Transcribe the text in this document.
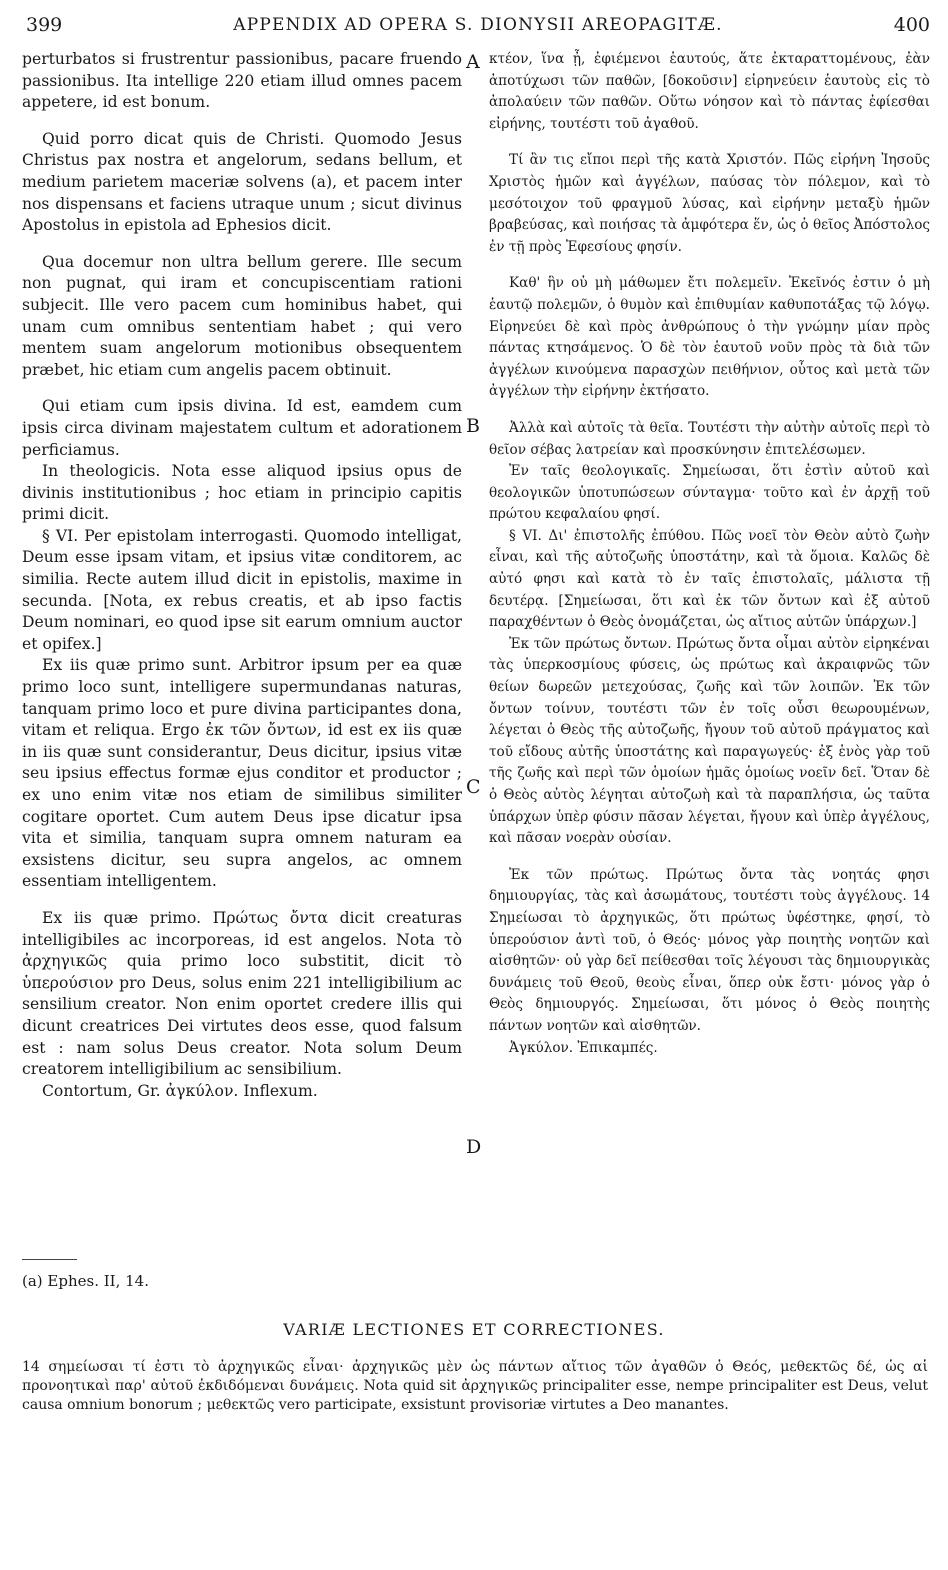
399	APPENDIX AD OPERA S. DIONYSII AREOPAGITÆ.	400

perturbatos si frustrentur passionibus, pacare fruendo passionibus. Ita intellige 220 etiam illud omnes pacem appetere, id est bonum.

Quid porro dicat quis de Christi. Quomodo Jesus Christus pax nostra et angelorum, sedans bellum, et medium parietem maceriæ solvens (a), et pacem inter nos dispensans et faciens utraque unum ; sicut divinus Apostolus in epistola ad Ephesios dicit.

Qua docemur non ultra bellum gerere. Ille secum non pugnat, qui iram et concupiscentiam rationi subjecit. Ille vero pacem cum hominibus habet, qui unam cum omnibus sententiam habet ; qui vero mentem suam angelorum motionibus obsequentem præbet, hic etiam cum angelis pacem obtinuit.

Qui etiam cum ipsis divina. Id est, eamdem cum ipsis circa divinam majestatem cultum et adorationem perficiamus.

In theologicis. Nota esse aliquod ipsius opus de divinis institutionibus ; hoc etiam in principio capitis primi dicit.

§ VI. Per epistolam interrogasti. Quomodo intelligat, Deum esse ipsam vitam, et ipsius vitæ conditorem, ac similia. Recte autem illud dicit in epistolis, maxime in secunda. [Nota, ex rebus creatis, et ab ipso factis Deum nominari, eo quod ipse sit earum omnium auctor et opifex.]

Ex iis quæ primo sunt. Arbitror ipsum per ea quæ primo loco sunt, intelligere supermundanas naturas, tanquam primo loco et pure divina participantes dona, vitam et reliqua. Ergo ἐκ τῶν ὄντων, id est ex iis quæ in iis quæ sunt considerantur, Deus dicitur, ipsius vitæ seu ipsius effectus formæ ejus conditor et productor ; ex uno enim vitæ nos etiam de similibus similiter cogitare oportet. Cum autem Deus ipse dicatur ipsa vita et similia, tanquam supra omnem naturam ea exsistens dicitur, seu supra angelos, ac omnem essentiam intelligentem.

Ex iis quæ primo. Πρώτως ὄντα dicit creaturas intelligibiles ac incorporeas, id est angelos. Nota τὸ ἀρχηγικῶς quia primo loco substitit, dicit τὸ ὑπερούσιον pro Deus, solus enim 221 intelligibilium ac sensilium creator. Non enim oportet credere illis qui dicunt creatrices Dei virtutes deos esse, quod falsum est : nam solus Deus creator. Nota solum Deum creatorem intelligibilium ac sensibilium.

Contortum, Gr. ἀγκύλον. Inflexum.

A
B
C
D

κτέον, ἵνα ᾖ, ἐφιέμενοι ἑαυτούς, ἅτε ἐκταραττομένους, ἐὰν ἀποτύχωσι τῶν παθῶν, [δοκοῦσιν] εἰρηνεύειν ἑαυτοὺς εἰς τὸ ἀπολαύειν τῶν παθῶν. Οὕτω νόησον καὶ τὸ πάντας ἐφίεσθαι εἰρήνης, τουτέστι τοῦ ἀγαθοῦ.

Τί ἂν τις εἴποι περὶ τῆς κατὰ Χριστόν. Πῶς εἰρήνη Ἰησοῦς Χριστὸς ἡμῶν καὶ ἀγγέλων, παύσας τὸν πόλεμον, καὶ τὸ μεσότοιχον τοῦ φραγμοῦ λύσας, καὶ εἰρήνην μεταξὺ ἡμῶν βραβεύσας, καὶ ποιήσας τὰ ἀμφότερα ἕν, ὡς ὁ θεῖος Ἀπόστολος ἐν τῇ πρὸς Ἐφεσίους φησίν.

Καθ' ἣν οὐ μὴ μάθωμεν ἔτι πολεμεῖν. Ἐκεῖνός ἐστιν ὁ μὴ ἑαυτῷ πολεμῶν, ὁ θυμὸν καὶ ἐπιθυμίαν καθυποτάξας τῷ λόγῳ. Εἰρηνεύει δὲ καὶ πρὸς ἀνθρώπους ὁ τὴν γνώμην μίαν πρὸς πάντας κτησάμενος. Ὁ δὲ τὸν ἑαυτοῦ νοῦν πρὸς τὰ διὰ τῶν ἀγγέλων κινούμενα παρασχὼν πειθήνιον, οὗτος καὶ μετὰ τῶν ἀγγέλων τὴν εἰρήνην ἐκτήσατο.

Ἀλλὰ καὶ αὐτοῖς τὰ θεῖα. Τουτέστι τὴν αὐτὴν αὐτοῖς περὶ τὸ θεῖον σέβας λατρείαν καὶ προσκύνησιν ἐπιτελέσωμεν.

Ἐν ταῖς θεολογικαῖς. Σημείωσαι, ὅτι ἐστὶν αὐτοῦ καὶ θεολογικῶν ὑποτυπώσεων σύνταγμα· τοῦτο καὶ ἐν ἀρχῇ τοῦ πρώτου κεφαλαίου φησί.

§ VI. Δι' ἐπιστολῆς ἐπύθου. Πῶς νοεῖ τὸν Θεὸν αὐτὸ ζωὴν εἶναι, καὶ τῆς αὐτοζωῆς ὑποστάτην, καὶ τὰ ὅμοια. Καλῶς δὲ αὐτό φησι καὶ κατὰ τὸ ἐν ταῖς ἐπιστολαῖς, μάλιστα τῇ δευτέρᾳ. [Σημείωσαι, ὅτι καὶ ἐκ τῶν ὄντων καὶ ἐξ αὐτοῦ παραχθέντων ὁ Θεὸς ὀνομάζεται, ὡς αἴτιος αὐτῶν ὑπάρχων.]

Ἐκ τῶν πρώτως ὄντων. Πρώτως ὄντα οἶμαι αὐτὸν εἰρηκέναι τὰς ὑπερκοσμίους φύσεις, ὡς πρώτως καὶ ἀκραιφνῶς τῶν θείων δωρεῶν μετεχούσας, ζωῆς καὶ τῶν λοιπῶν. Ἐκ τῶν ὄντων τοίνυν, τουτέστι τῶν ἐν τοῖς οὖσι θεωρουμένων, λέγεται ὁ Θεὸς τῆς αὐτοζωῆς, ἤγουν τοῦ αὐτοῦ πράγματος καὶ τοῦ εἴδους αὐτῆς ὑποστάτης καὶ παραγωγεύς· ἐξ ἑνὸς γὰρ τοῦ τῆς ζωῆς καὶ περὶ τῶν ὁμοίων ἡμᾶς ὁμοίως νοεῖν δεῖ. Ὅταν δὲ ὁ Θεὸς αὐτὸς λέγηται αὐτοζωὴ καὶ τὰ παραπλήσια, ὡς ταῦτα ὑπάρχων ὑπὲρ φύσιν πᾶσαν λέγεται, ἤγουν καὶ ὑπὲρ ἀγγέλους, καὶ πᾶσαν νοερὰν οὐσίαν.

Ἐκ τῶν πρώτως. Πρώτως ὄντα τὰς νοητάς φησι δημιουργίας, τὰς καὶ ἀσωμάτους, τουτέστι τοὺς ἀγγέλους. 14 Σημείωσαι τὸ ἀρχηγικῶς, ὅτι πρώτως ὑφέστηκε, φησί, τὸ ὑπερούσιον ἀντὶ τοῦ, ὁ Θεός· μόνος γὰρ ποιητὴς νοητῶν καὶ αἰσθητῶν· οὐ γὰρ δεῖ πείθεσθαι τοῖς λέγουσι τὰς δημιουργικὰς δυνάμεις τοῦ Θεοῦ, θεοὺς εἶναι, ὅπερ οὐκ ἔστι· μόνος γὰρ ὁ Θεὸς δημιουργός. Σημείωσαι, ὅτι μόνος ὁ Θεὸς ποιητὴς πάντων νοητῶν καὶ αἰσθητῶν.

Ἀγκύλον. Ἐπικαμπές.

(a) Ephes. II, 14.
VARIÆ LECTIONES ET CORRECTIONES.

14 σημείωσαι τί ἐστι τὸ ἀρχηγικῶς εἶναι· ἀρχηγικῶς μὲν ὡς πάντων αἴτιος τῶν ἀγαθῶν ὁ Θεός, μεθεκτῶς δέ, ὡς αἱ προνοητικαὶ παρ' αὐτοῦ ἐκδιδόμεναι δυνάμεις. Nota quid sit ἀρχηγικῶς principaliter esse, nempe principaliter est Deus, velut causa omnium bonorum ; μεθεκτῶς vero participate, exsistunt provisoriæ virtutes a Deo manantes.
